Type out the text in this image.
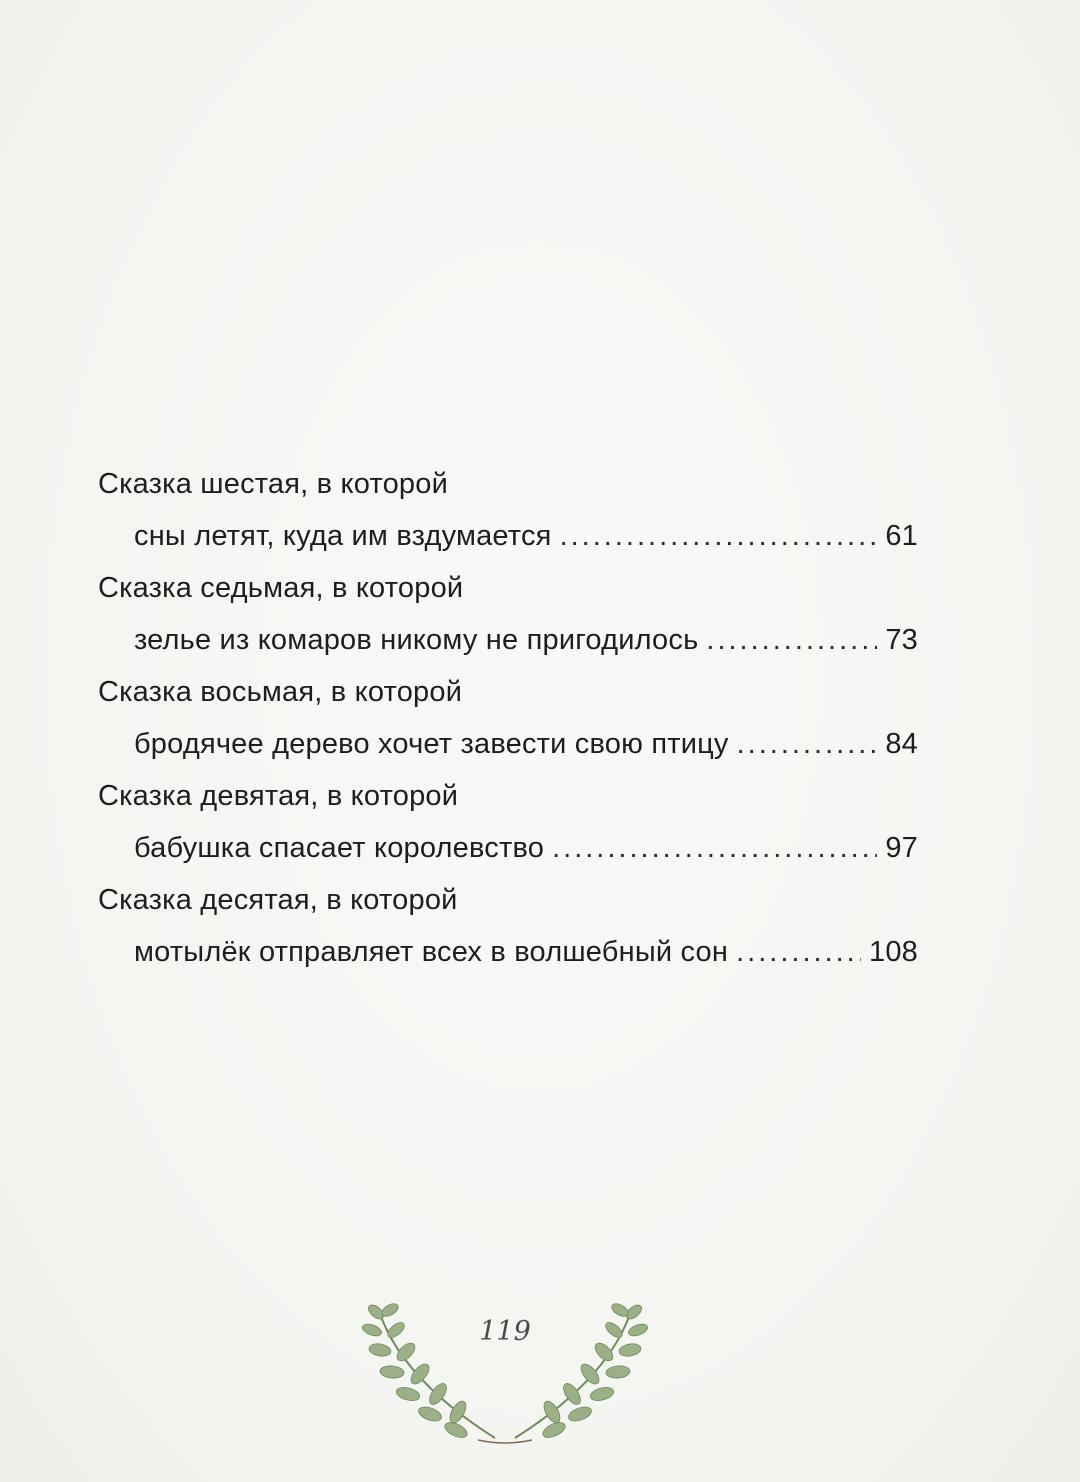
Сказка шестая, в которой
сны летят, куда им вздумается .....	61
Сказка седьмая, в которой
зелье из комаров никому не пригодилось .....	73
Сказка восьмая, в которой
бродячее дерево хочет завести свою птицу .....	84
Сказка девятая, в которой
бабушка спасает королевство .....	97
Сказка десятая, в которой
мотылёк отправляет всех в волшебный сон .....	108
119
